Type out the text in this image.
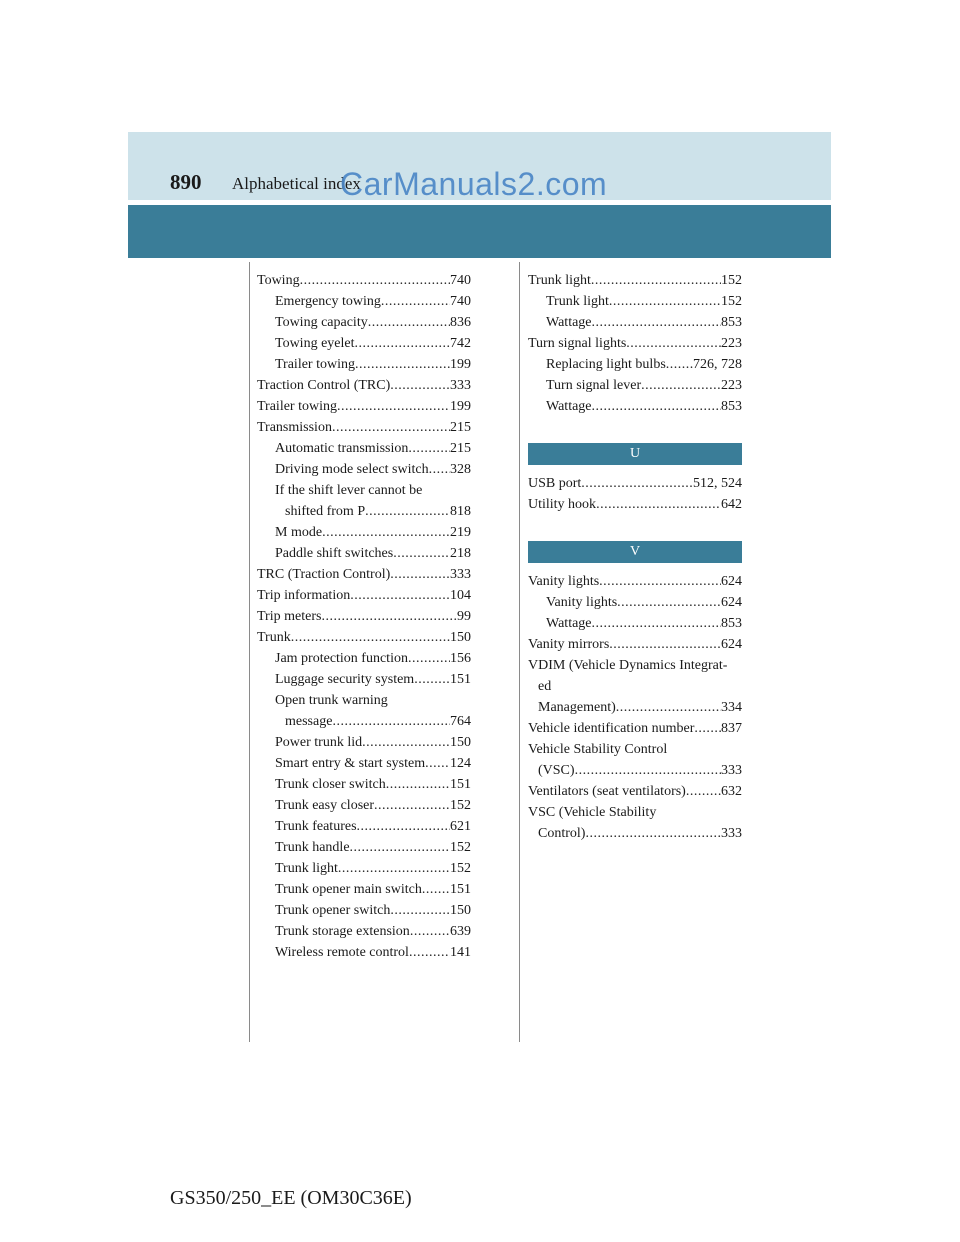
890 Alphabetical index
CarManuals2.com
Towing .....	740
Emergency towing .....	740
Towing capacity .....	836
Towing eyelet .....	742
Trailer towing .....	199
Traction Control (TRC) .....	333
Trailer towing .....	199
Transmission .....	215
Automatic transmission .....	215
Driving mode select switch ..... 328
If the shift lever cannot be
shifted from P .....	818
M mode .....	219
Paddle shift switches .....	218
TRC (Traction Control) .....	333
Trip information .....	104
Trip meters .....	99
Trunk .....	150
Jam protection function .....	156
Luggage security system .....	151
Open trunk warning
message .....	764
Power trunk lid .....	150
Smart entry & start system ..... 124
Trunk closer switch .....	151
Trunk easy closer .....	152
Trunk features .....	621
Trunk handle .....	152
Trunk light .....	152
Trunk opener main switch ..... 151
Trunk opener switch .....	150
Trunk storage extension .....	639
Wireless remote control .....	141
Trunk light .....	152
Trunk light .....	152
Wattage .....	853
Turn signal lights .....	223
Replacing light bulbs ..... 726, 728
Turn signal lever .....	223
Wattage .....	853
U
USB port .....	512, 524
Utility hook .....	642
V
Vanity lights .....	624
Vanity lights .....	624
Wattage .....	853
Vanity mirrors .....	624
VDIM (Vehicle Dynamics Integrat-
ed
Management) .....	334
Vehicle identification number ..... 837
Vehicle Stability Control
(VSC) .....	333
Ventilators (seat ventilators) .....	632
VSC (Vehicle Stability
Control) .....	333
GS350/250_EE (OM30C36E)
